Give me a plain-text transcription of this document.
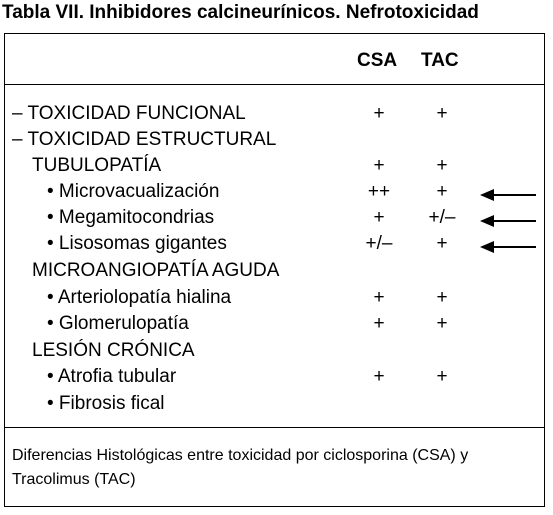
Tabla VII. Inhibidores calcineurínicos. Nefrotoxicidad
CSA TAC
– TOXICIDAD FUNCIONAL	+	+
– TOXICIDAD ESTRUCTURAL
TUBULOPATÍA	+	+
• Microvacualización	++	+
• Megamitocondrias	+	+/–
• Lisosomas gigantes	+/–	+
MICROANGIOPATÍA AGUDA
• Arteriolopatía hialina	+	+
• Glomerulopatía	+	+
LESIÓN CRÓNICA
• Atrofia tubular	+	+
• Fibrosis fical
Diferencias Histológicas entre toxicidad por ciclosporina (CSA) y Tracolimus (TAC)
